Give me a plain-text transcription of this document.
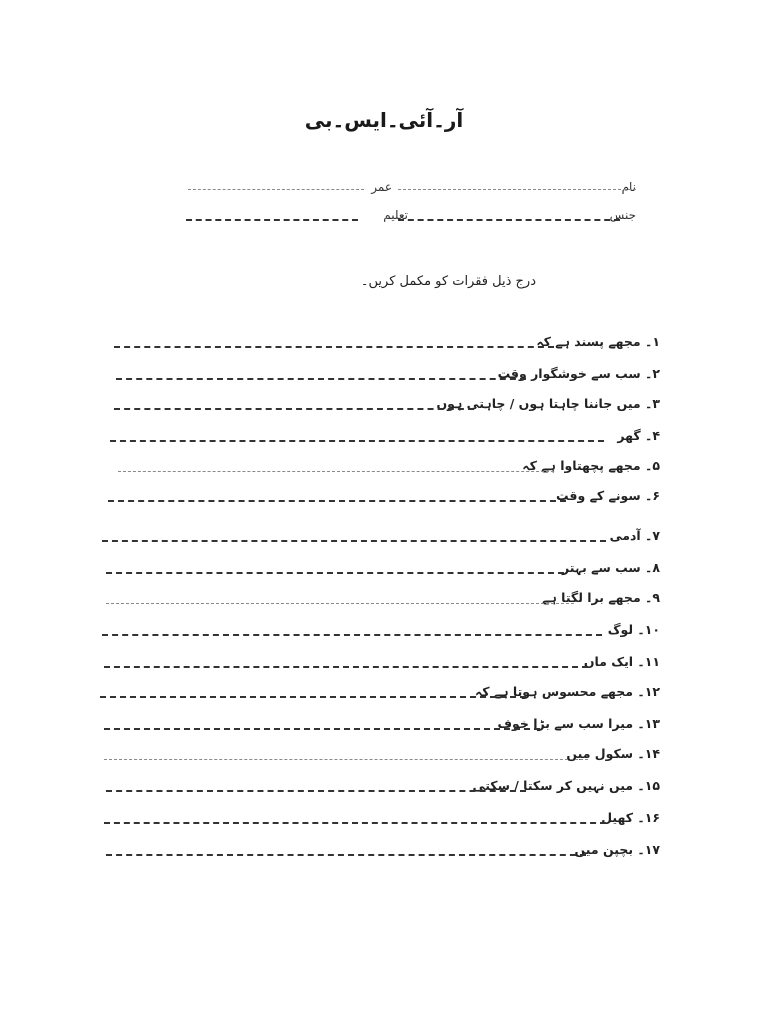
آر۔آئی۔ایس۔بی
نام
عمر
جنس
تعلیم
درج ذیل فقرات کو مکمل کریں۔
۱۔ مجھے پسند ہے کہ
۲۔ سب سے خوشگوار وقت
۳۔ میں جاننا چاہتا ہوں / چاہتی ہوں
۴۔ گھر
۵۔ مجھے پچھتاوا ہے کہ
۶۔ سونے کے وقت
۷۔ آدمی
۸۔ سب سے بہتر
۹۔ مجھے برا لگتا ہے
۱۰۔ لوگ
۱۱۔ ایک ماں
۱۲۔ مجھے محسوس ہوتا ہے کہ
۱۳۔ میرا سب سے بڑا خوف
۱۴۔ سکول میں
۱۵۔ میں نہیں کر سکتا / سکتی
۱۶۔ کھیل
۱۷۔ بچپن میں
